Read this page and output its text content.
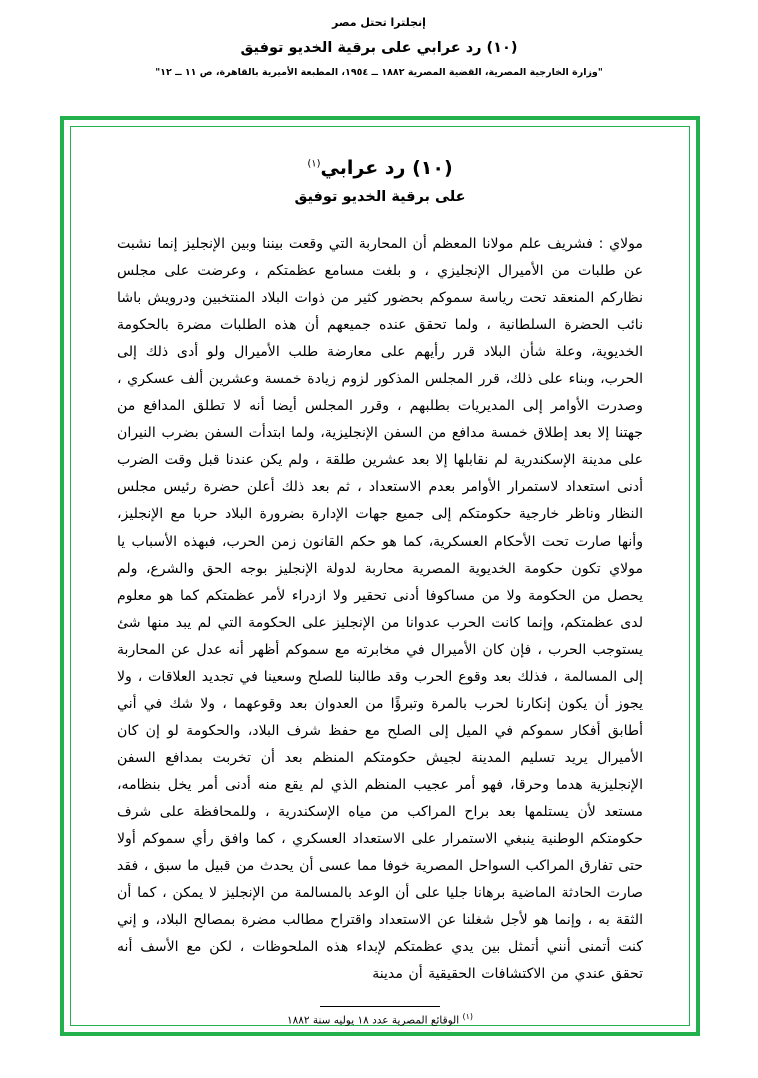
إنجلترا تحتل مصر
(١٠) رد عرابي على برقية الخديو توفيق
"وزارة الخارجية المصرية، القضية المصرية ١٨٨٢ ــ ١٩٥٤، المطبعة الأميرية بالقاهرة، ص ١١ ــ ١٢"
(١٠) رد عرابي$^{(١)}$
على برقية الخديو توفيق

مولاي : فشريف علم مولانا المعظم أن المحاربة التي وقعت بيننا وبين الإنجليز إنما نشبت عن طلبات من الأميرال الإنجليزي ، و بلغت مسامع عظمتكم ، وعرضت على مجلس نظاركم المنعقد تحت رياسة سموكم بحضور كثير من ذوات البلاد المنتخبين ودرويش باشا نائب الحضرة السلطانية ، ولما تحقق عنده جميعهم أن هذه الطلبات مضرة بالحكومة الخديوية، وعلة شأن البلاد قرر رأيهم على معارضة طلب الأميرال ولو أدى ذلك إلى الحرب، وبناء على ذلك، قرر المجلس المذكور لزوم زيادة خمسة وعشرين ألف عسكري ، وصدرت الأوامر إلى المديريات بطلبهم ، وقرر المجلس أيضا أنه لا تطلق المدافع من جهتنا إلا بعد إطلاق خمسة مدافع من السفن الإنجليزية، ولما ابتدأت السفن بضرب النيران على مدينة الإسكندرية لم نقابلها إلا بعد عشرين طلقة ، ولم يكن عندنا قبل وقت الضرب أدنى استعداد لاستمرار الأوامر بعدم الاستعداد ، ثم بعد ذلك أعلن حضرة رئيس مجلس النظار وناظر خارجية حكومتكم إلى جميع جهات الإدارة بضرورة البلاد حربا مع الإنجليز، وأنها صارت تحت الأحكام العسكرية، كما هو حكم القانون زمن الحرب، فبهذه الأسباب يا مولاي تكون حكومة الخديوية المصرية محاربة لدولة الإنجليز بوجه الحق والشرع، ولم يحصل من الحكومة ولا من مساكوفا أدنى تحقير ولا ازدراء لأمر عظمتكم كما هو معلوم لدى عظمتكم، وإنما كانت الحرب عدوانا من الإنجليز على الحكومة التي لم يبد منها شئ يستوجب الحرب ، فإن كان الأميرال في مخابرته مع سموكم أظهر أنه عدل عن المحاربة إلى المسالمة ، فذلك بعد وقوع الحرب وقد طالبنا للصلح وسعينا في تجديد العلاقات ، ولا يجوز أن يكون إنكارنا لحرب بالمرة وتبرؤًا من العدوان بعد وقوعهما ، ولا شك في أني أطابق أفكار سموكم في الميل إلى الصلح مع حفظ شرف البلاد، والحكومة لو إن كان الأميرال يريد تسليم المدينة لجيش حكومتكم المنظم بعد أن تخربت بمدافع السفن الإنجليزية هدما وحرقا، فهو أمر عجيب المنظم الذي لم يقع منه أدنى أمر يخل بنظامه، مستعد لأن يستلمها بعد براح المراكب من مياه الإسكندرية ، وللمحافظة على شرف حكومتكم الوطنية ينبغي الاستمرار على الاستعداد العسكري ، كما وافق رأي سموكم أولا حتى تفارق المراكب السواحل المصرية خوفا مما عسى أن يحدث من قبيل ما سبق ، فقد صارت الحادثة الماضية برهانا جليا على أن الوعد بالمسالمة من الإنجليز لا يمكن ، كما أن الثقة به ، وإنما هو لأجل شغلنا عن الاستعداد واقتراح مطالب مضرة بمصالح البلاد، و إني كنت أتمنى أنني أتمثل بين يدي عظمتكم لإبداء هذه الملحوظات ، لكن مع الأسف أنه تحقق عندي من الاكتشافات الحقيقية أن مدينة

$^{(١)}$ الوقائع المصرية عدد ١٨ يوليه سنة ١٨٨٢
